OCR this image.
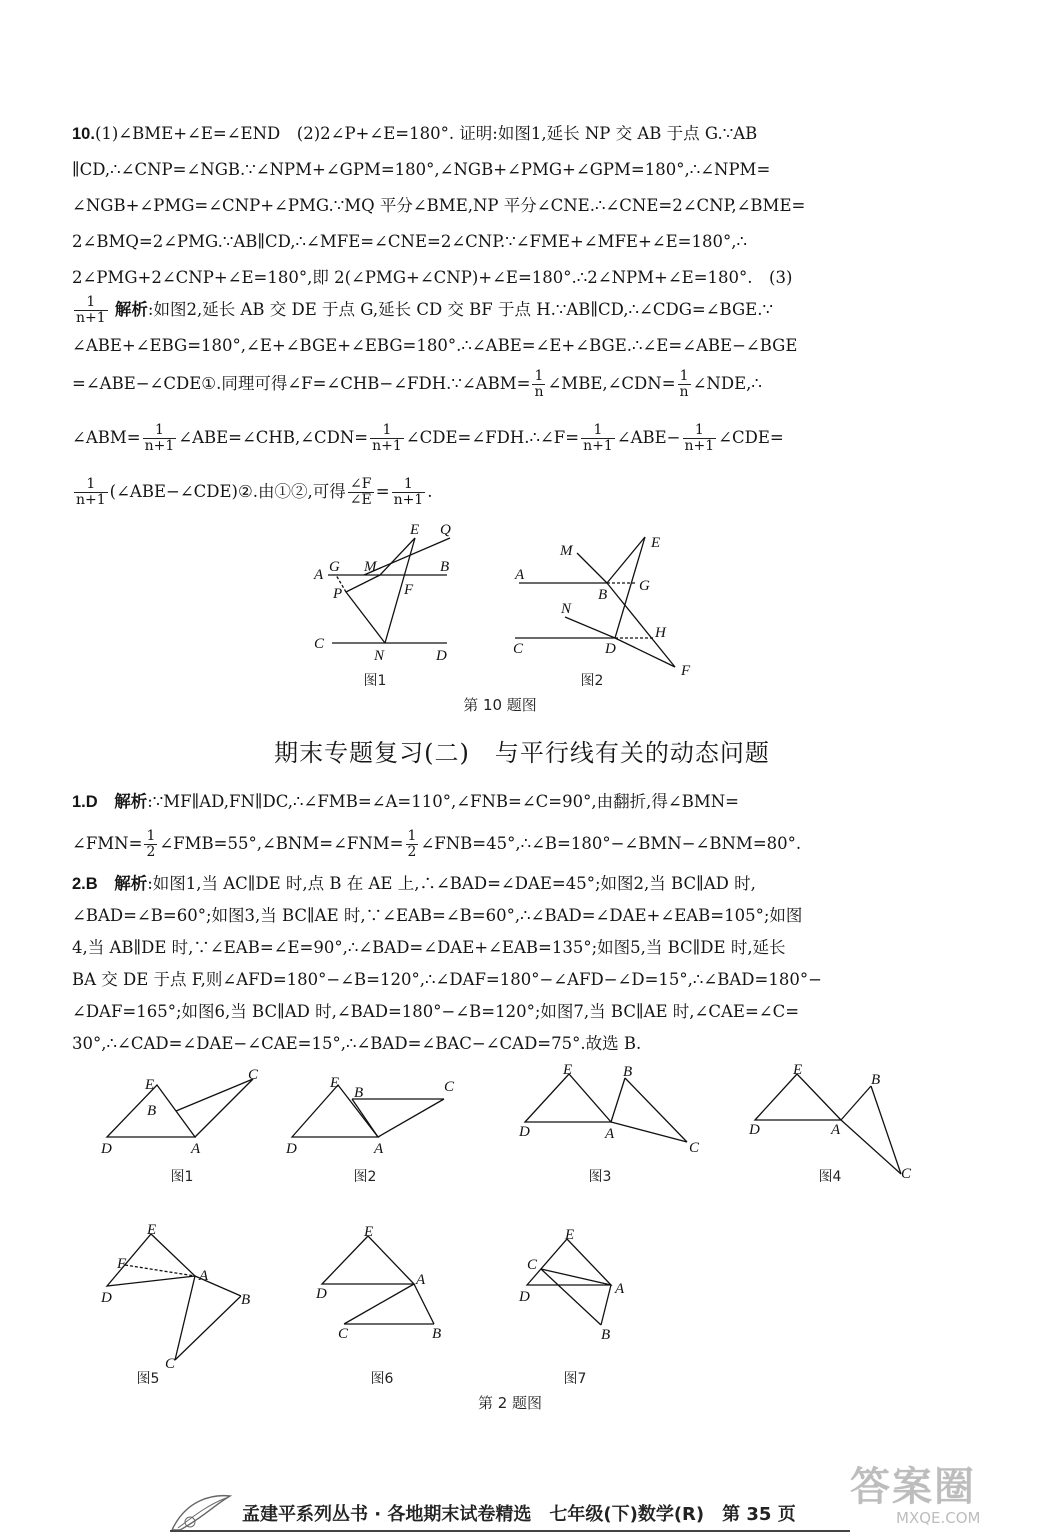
10.(1)∠BME+∠E=∠END　(2)2∠P+∠E=180°. 证明:如图1,延长 NP 交 AB 于点 G.∵AB

∥CD,∴∠CNP=∠NGB.∵∠NPM+∠GPM=180°,∠NGB+∠PMG+∠GPM=180°,∴∠NPM=

∠NGB+∠PMG=∠CNP+∠PMG.∵MQ 平分∠BME,NP 平分∠CNE.∴∠CNE=2∠CNP,∠BME=

2∠BMQ=2∠PMG.∵AB∥CD,∴∠MFE=∠CNE=2∠CNP.∵∠FME+∠MFE+∠E=180°,∴

2∠PMG+2∠CNP+∠E=180°,即 2(∠PMG+∠CNP)+∠E=180°.∴2∠NPM+∠E=180°.　(3)

$\frac{1}{n+1}$ 解析:如图2,延长 AB 交 DE 于点 G,延长 CD 交 BF 于点 H.∵AB∥CD,∴∠CDG=∠BGE.∵

∠ABE+∠EBG=180°,∠E+∠BGE+∠EBG=180°.∴∠ABE=∠E+∠BGE.∴∠E=∠ABE−∠BGE

=∠ABE−∠CDE①.同理可得∠F=∠CHB−∠FDH.∵∠ABM= $\frac{1}{n}$ ∠MBE,∠CDN= $\frac{1}{n}$ ∠NDE,∴

∠ABM= $\frac{1}{n+1}$ ∠ABE=∠CHB,∠CDN= $\frac{1}{n+1}$ ∠CDE=∠FDH.∴∠F= $\frac{1}{n+1}$ ∠ABE− $\frac{1}{n+1}$ ∠CDE=

$\frac{1}{n+1}$ (∠ABE−∠CDE)②.由①②,可得 $\frac{\angle F}{\angle E} = \frac{1}{n+1}$ .

Q
E
A G M	B
P	F
C
N	D
图1
M	E
A
B
G
N
H
C	D
F
图2
第 10 题图
期末专题复习(二)　与平行线有关的动态问题

1.D　 解析:∵MF∥AD,FN∥DC,∴∠FMB=∠A=110°,∠FNB=∠C=90°,由翻折,得∠BMN=

∠FMN= $\frac{1}{2}$ ∠FMB=55°,∠BNM=∠FNM= $\frac{1}{2}$ ∠FNB=45°,∴∠B=180°−∠BMN−∠BNM=80°.

2.B　 解析:如图1,当 AC∥DE 时,点 B 在 AE 上,∴∠BAD=∠DAE=45°;如图2,当 BC∥AD 时,

∠BAD=∠B=60°;如图3,当 BC∥AE 时,∵∠EAB=∠B=60°,∴∠BAD=∠DAE+∠EAB=105°;如图

4,当 AB∥DE 时,∵∠EAB=∠E=90°,∴∠BAD=∠DAE+∠EAB=135°;如图5,当 BC∥DE 时,延长

BA 交 DE 于点 F,则∠AFD=180°−∠B=120°,∴∠DAF=180°−∠AFD−∠D=15°,∴∠BAD=180°−

∠DAF=165°;如图6,当 BC∥AD 时,∠BAD=180°−∠B=120°;如图7,当 BC∥AE 时,∠CAE=∠C=

30°,∴∠CAD=∠DAE−∠CAE=15°,∴∠BAD=∠BAC−∠CAD=75°.故选 B.

E
B
C
D	A
E
B	C
D	A
E	B
C
D	A
E
B
C
D	A
图1	图2	图3	图4
E
B
C
D
A
F
E
B
C
D
A
E
B
C
D	A
图5	图6	图7
第 2 题图
孟建平系列丛书 · 各地期末试卷精选　七年级(下)数学(R)　第 35 页
答案圈
MXQE.COM
